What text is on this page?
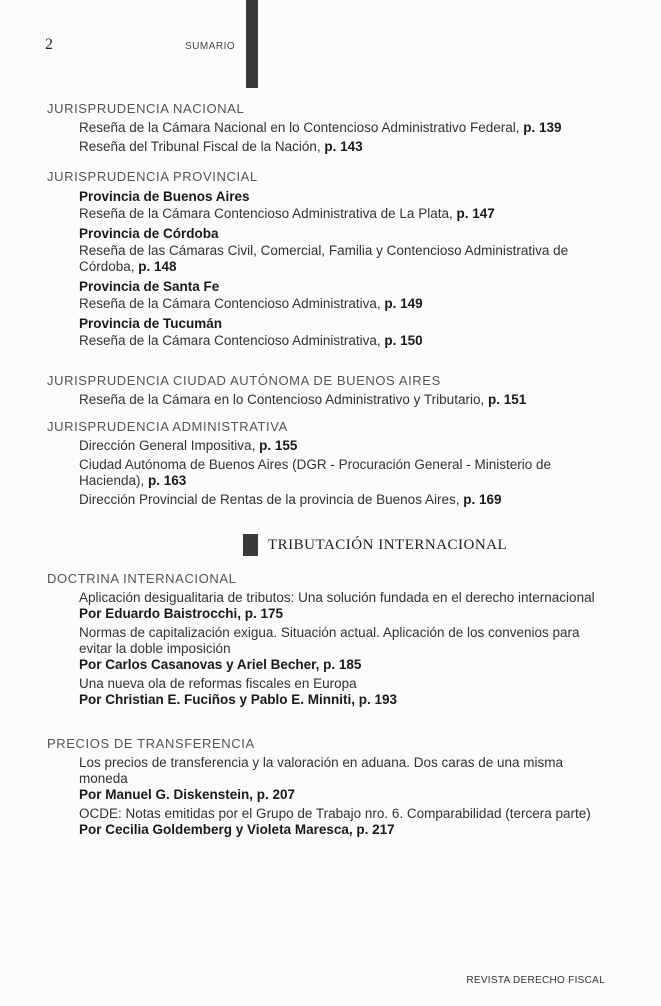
2	SUMARIO
JURISPRUDENCIA NACIONAL
Reseña de la Cámara Nacional en lo Contencioso Administrativo Federal, p. 139
Reseña del Tribunal Fiscal de la Nación, p. 143
JURISPRUDENCIA PROVINCIAL
Provincia de Buenos Aires
Reseña de la Cámara Contencioso Administrativa de La Plata, p. 147
Provincia de Córdoba
Reseña de las Cámaras Civil, Comercial, Familia y Contencioso Administrativa de Córdoba, p. 148
Provincia de Santa Fe
Reseña de la Cámara Contencioso Administrativa, p. 149
Provincia de Tucumán
Reseña de la Cámara Contencioso Administrativa, p. 150
JURISPRUDENCIA CIUDAD AUTÓNOMA DE BUENOS AIRES
Reseña de la Cámara en lo Contencioso Administrativo y Tributario, p. 151
JURISPRUDENCIA ADMINISTRATIVA
Dirección General Impositiva, p. 155
Ciudad Autónoma de Buenos Aires (DGR - Procuración General - Ministerio de Hacienda), p. 163
Dirección Provincial de Rentas de la provincia de Buenos Aires, p. 169
TRIBUTACIÓN INTERNACIONAL
DOCTRINA INTERNACIONAL
Aplicación desigualitaria de tributos: Una solución fundada en el derecho internacional
Por Eduardo Baistrocchi, p. 175
Normas de capitalización exigua. Situación actual. Aplicación de los convenios para evitar la doble imposición
Por Carlos Casanovas y Ariel Becher, p. 185
Una nueva ola de reformas fiscales en Europa
Por Christian E. Fuciños y Pablo E. Minniti, p. 193
PRECIOS DE TRANSFERENCIA
Los precios de transferencia y la valoración en aduana. Dos caras de una misma moneda
Por Manuel G. Diskenstein, p. 207
OCDE: Notas emitidas por el Grupo de Trabajo nro. 6. Comparabilidad (tercera parte)
Por Cecilia Goldemberg y Violeta Maresca, p. 217
REVISTA DERECHO FISCAL
